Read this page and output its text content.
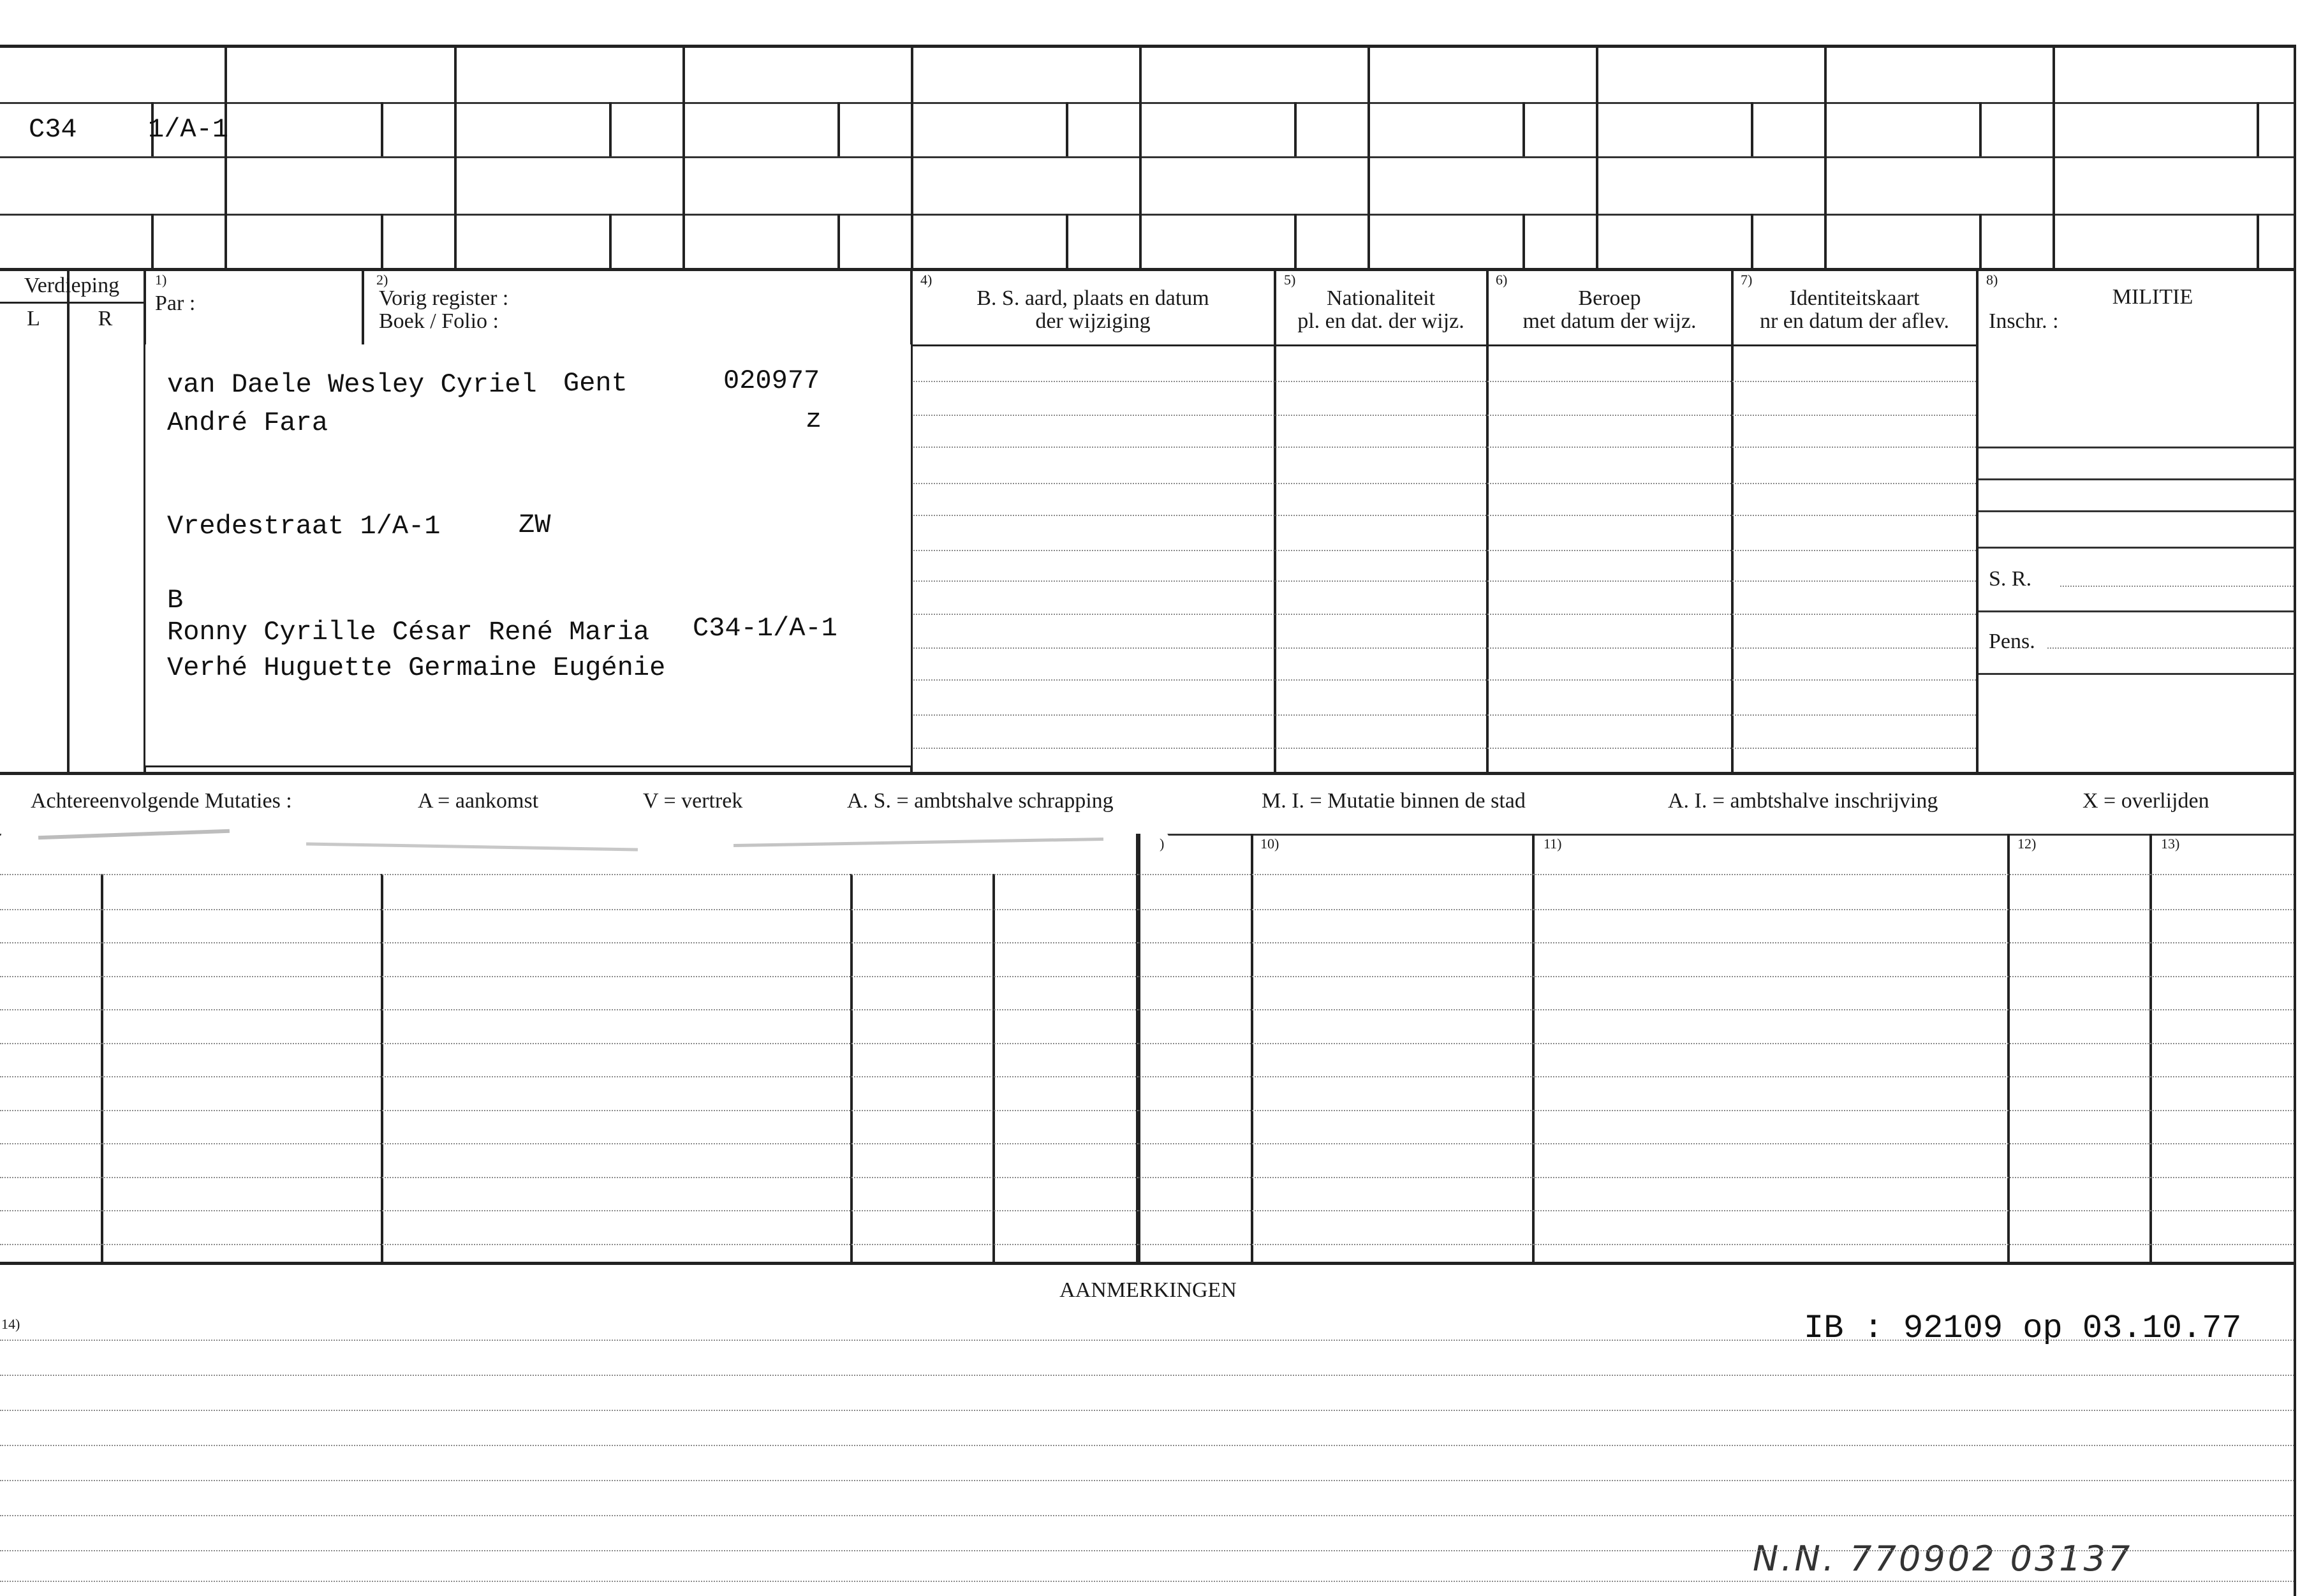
C34	1/A-1
Verdieping
L	R
1)
Par :
2)
Vorig register :
Boek / Folio :
4)
B. S. aard, plaats en datum
der wijziging
5)
Nationaliteit
pl. en dat. der wijz.
6)
Beroep
met datum der wijz.
7)
Identiteitskaart
nr en datum der aflev.
8)
MILITIE
Inschr. :
S. R.
Pens.
van Daele Wesley Cyriel Gent	020977
André Fara	z
Vredestraat 1/A-1	ZW
B
Ronny Cyrille César René Maria C34-1/A-1
Verhé Huguette Germaine Eugénie
Achtereenvolgende Mutaties :	A = aankomst	V = vertrek	A. S. = ambtshalve schrapping	M. I. = Mutatie binnen de stad	A. I. = ambtshalve inschrijving	X = overlijden
)	10)	11)	12)	13)
AANMERKINGEN
14)	IB : 92109 op 03.10.77
N.N. 770902 03137
